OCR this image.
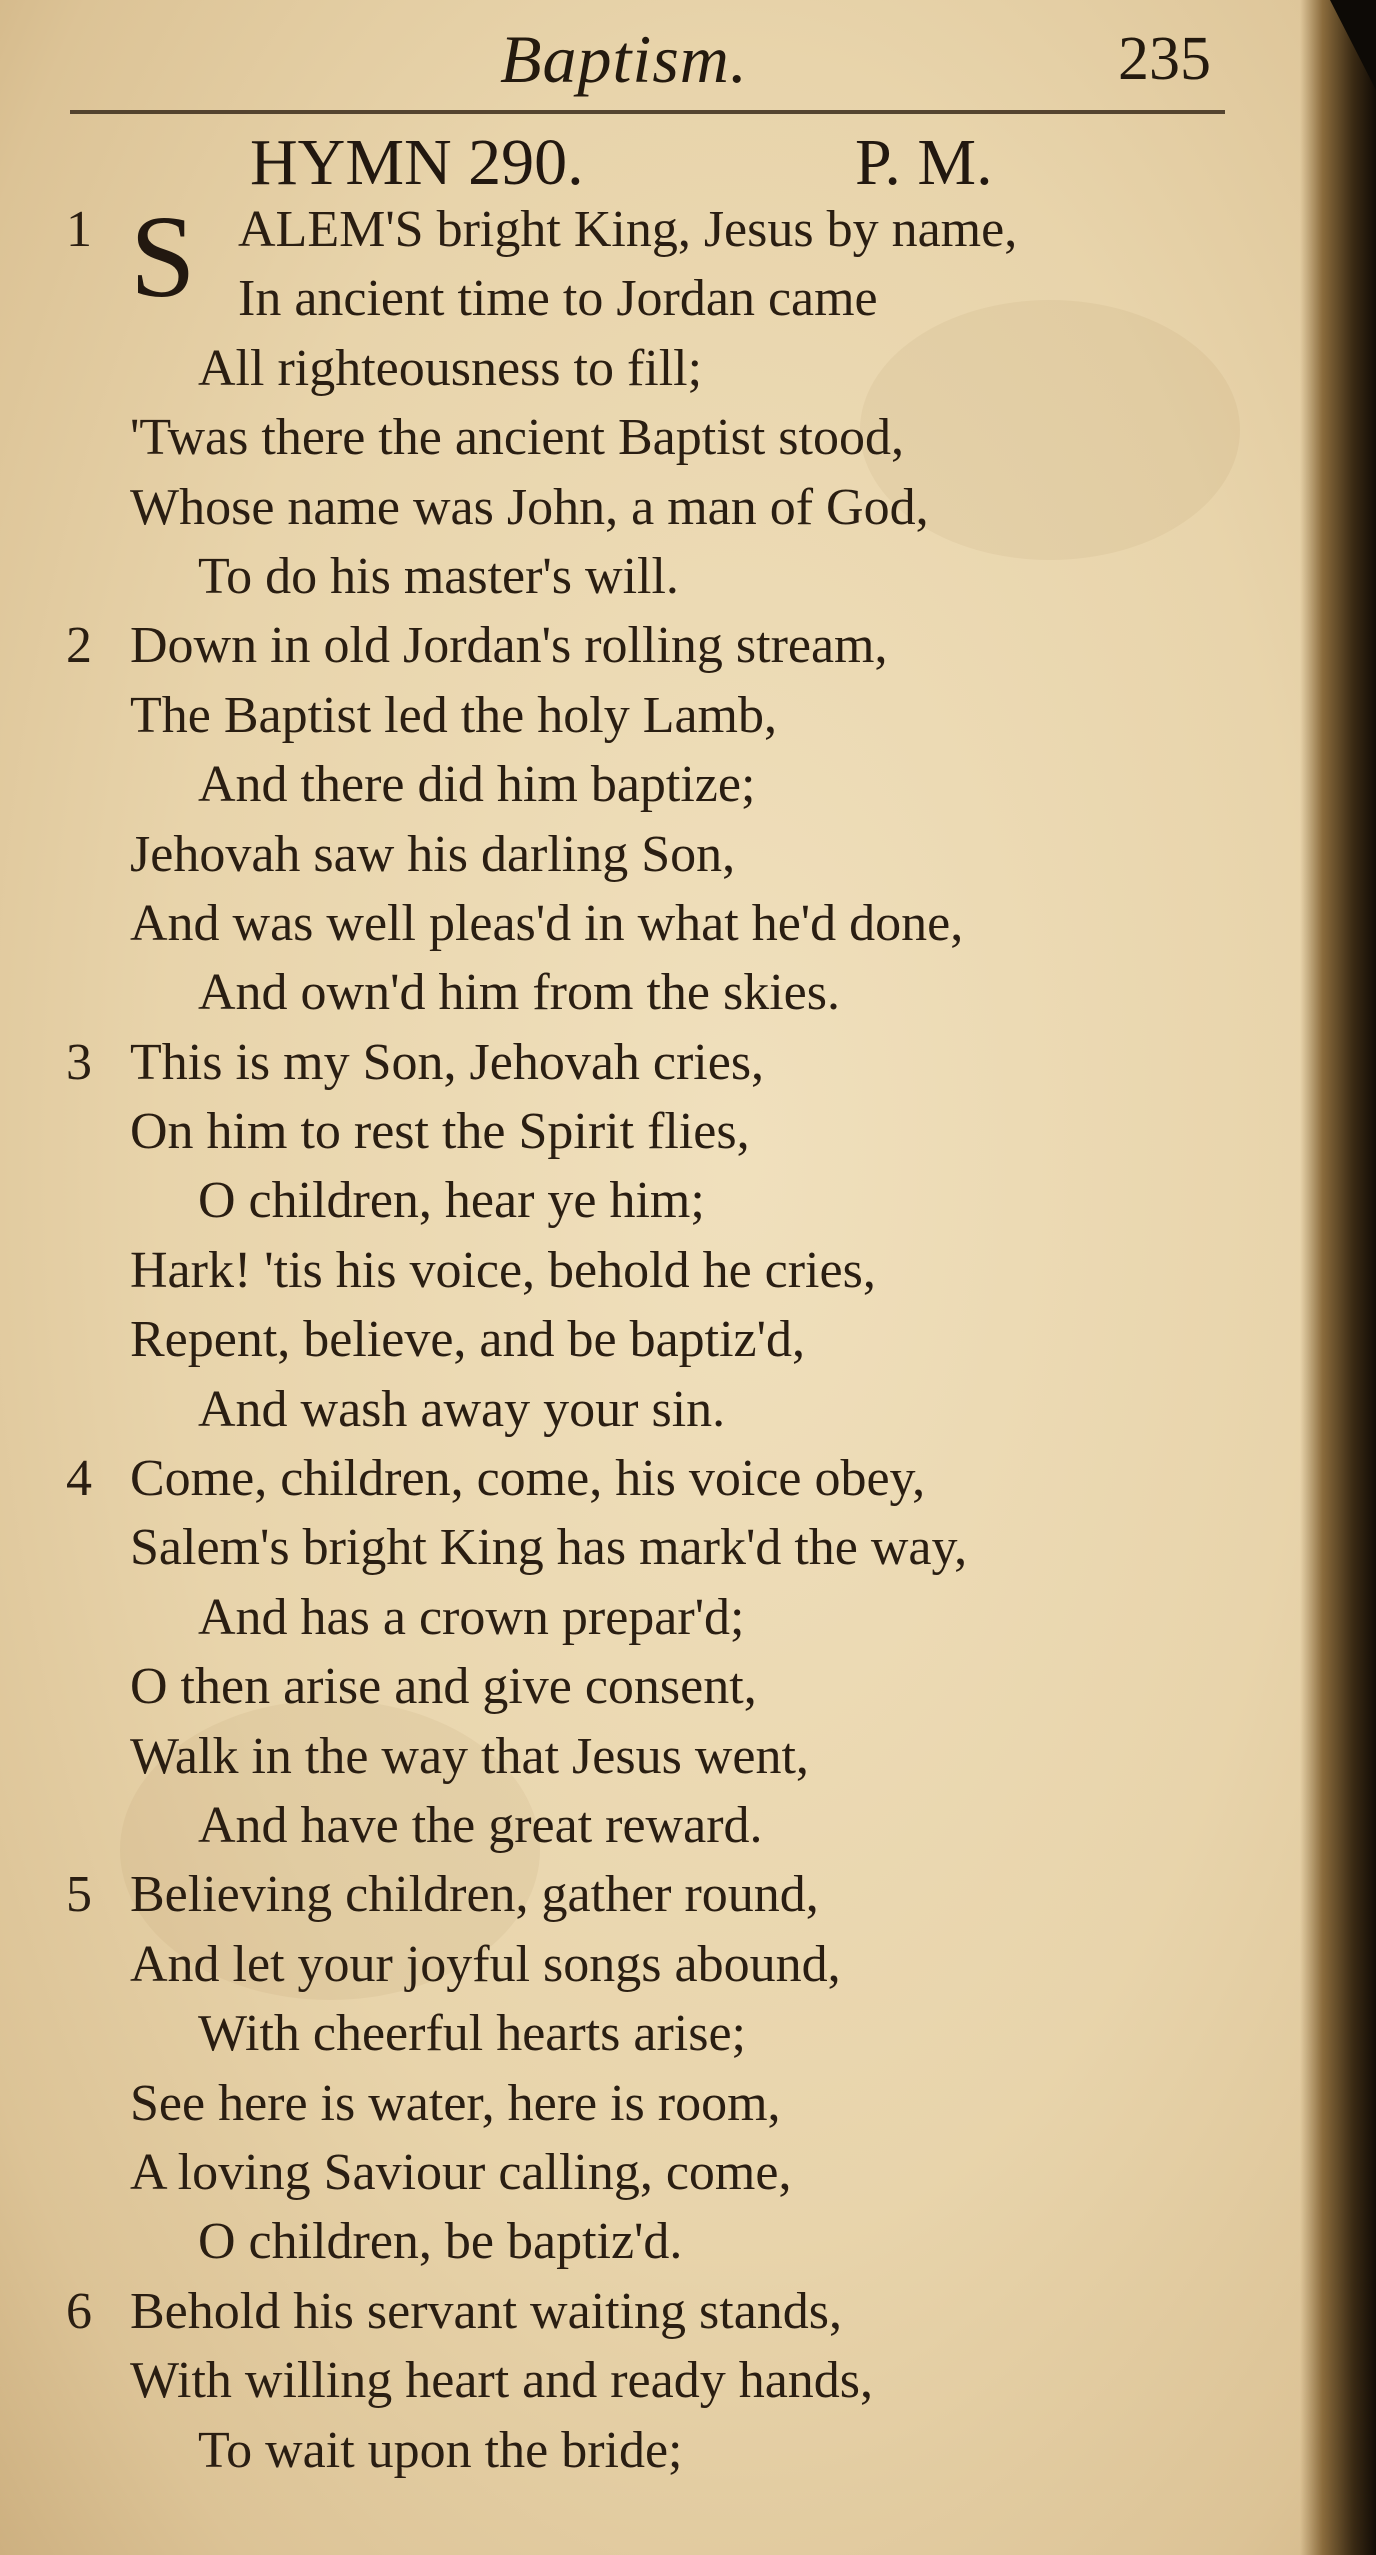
Baptism.	235
HYMN 290.	P. M.
S
1	ALEM'S bright King, Jesus by name,
In ancient time to Jordan came
All righteousness to fill;
'Twas there the ancient Baptist stood,
Whose name was John, a man of God,
To do his master's will.
2 Down in old Jordan's rolling stream,
The Baptist led the holy Lamb,
And there did him baptize;
Jehovah saw his darling Son,
And was well pleas'd in what he'd done,
And own'd him from the skies.
3 This is my Son, Jehovah cries,
On him to rest the Spirit flies,
O children, hear ye him;
Hark! 'tis his voice, behold he cries,
Repent, believe, and be baptiz'd,
And wash away your sin.
4 Come, children, come, his voice obey,
Salem's bright King has mark'd the way,
And has a crown prepar'd;
O then arise and give consent,
Walk in the way that Jesus went,
And have the great reward.
5 Believing children, gather round,
And let your joyful songs abound,
With cheerful hearts arise;
See here is water, here is room,
A loving Saviour calling, come,
O children, be baptiz'd.
6 Behold his servant waiting stands,
With willing heart and ready hands,
To wait upon the bride;
